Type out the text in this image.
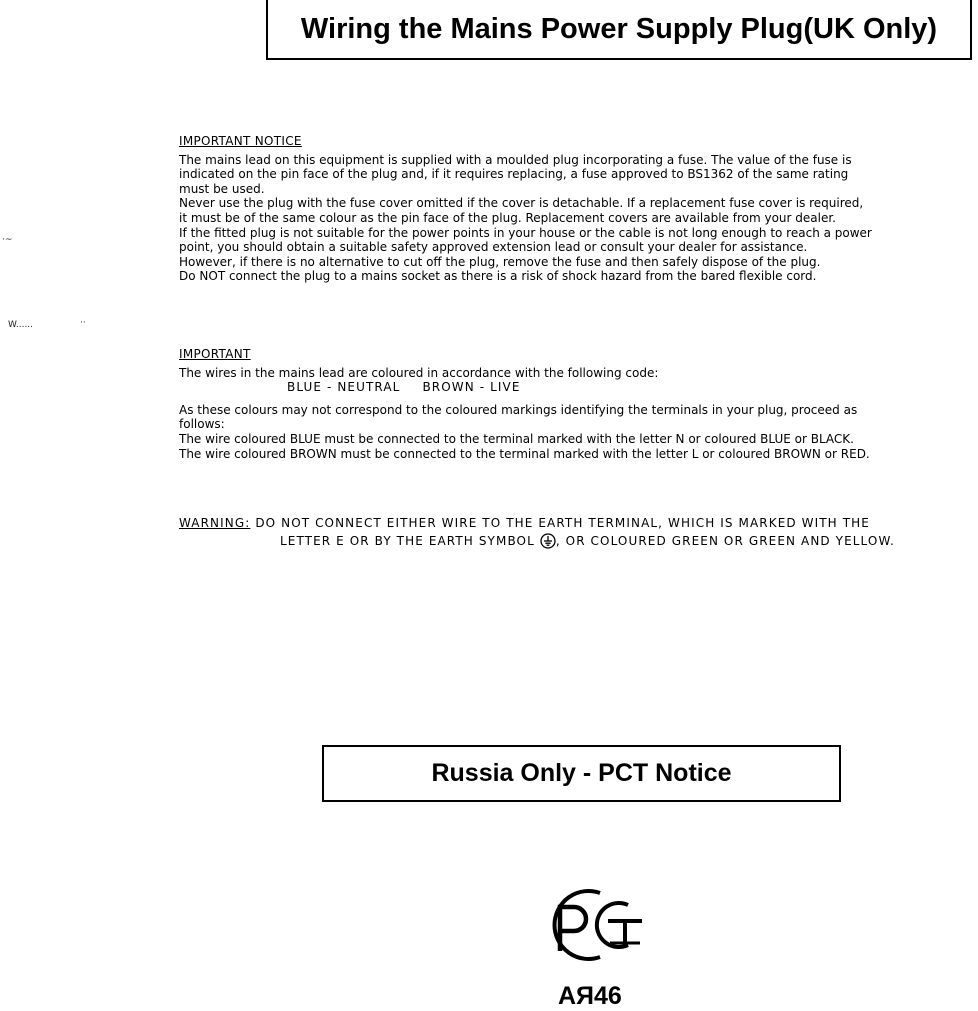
Wiring the Mains Power Supply Plug(UK Only)
·~
W......	··
IMPORTANT NOTICE
The mains lead on this equipment is supplied with a moulded plug incorporating a fuse. The value of the fuse is
indicated on the pin face of the plug and, if it requires replacing, a fuse approved to BS1362 of the same rating
must be used.
Never use the plug with the fuse cover omitted if the cover is detachable. If a replacement fuse cover is required,
it must be of the same colour as the pin face of the plug. Replacement covers are available from your dealer.
If the fitted plug is not suitable for the power points in your house or the cable is not long enough to reach a power
point, you should obtain a suitable safety approved extension lead or consult your dealer for assistance.
However, if there is no alternative to cut off the plug, remove the fuse and then safely dispose of the plug.
Do NOT connect the plug to a mains socket as there is a risk of shock hazard from the bared flexible cord.
IMPORTANT
The wires in the mains lead are coloured in accordance with the following code:
BLUE - NEUTRAL BROWN - LIVE
As these colours may not correspond to the coloured markings identifying the terminals in your plug, proceed as
follows:
The wire coloured BLUE must be connected to the terminal marked with the letter N or coloured BLUE or BLACK.
The wire coloured BROWN must be connected to the terminal marked with the letter L or coloured BROWN or RED.
WARNING: DO NOT CONNECT EITHER WIRE TO THE EARTH TERMINAL, WHICH IS MARKED WITH THE
LETTER E OR BY THE EARTH SYMBOL , OR COLOURED GREEN OR GREEN AND YELLOW.
Russia Only - PCT Notice
AЯ46
